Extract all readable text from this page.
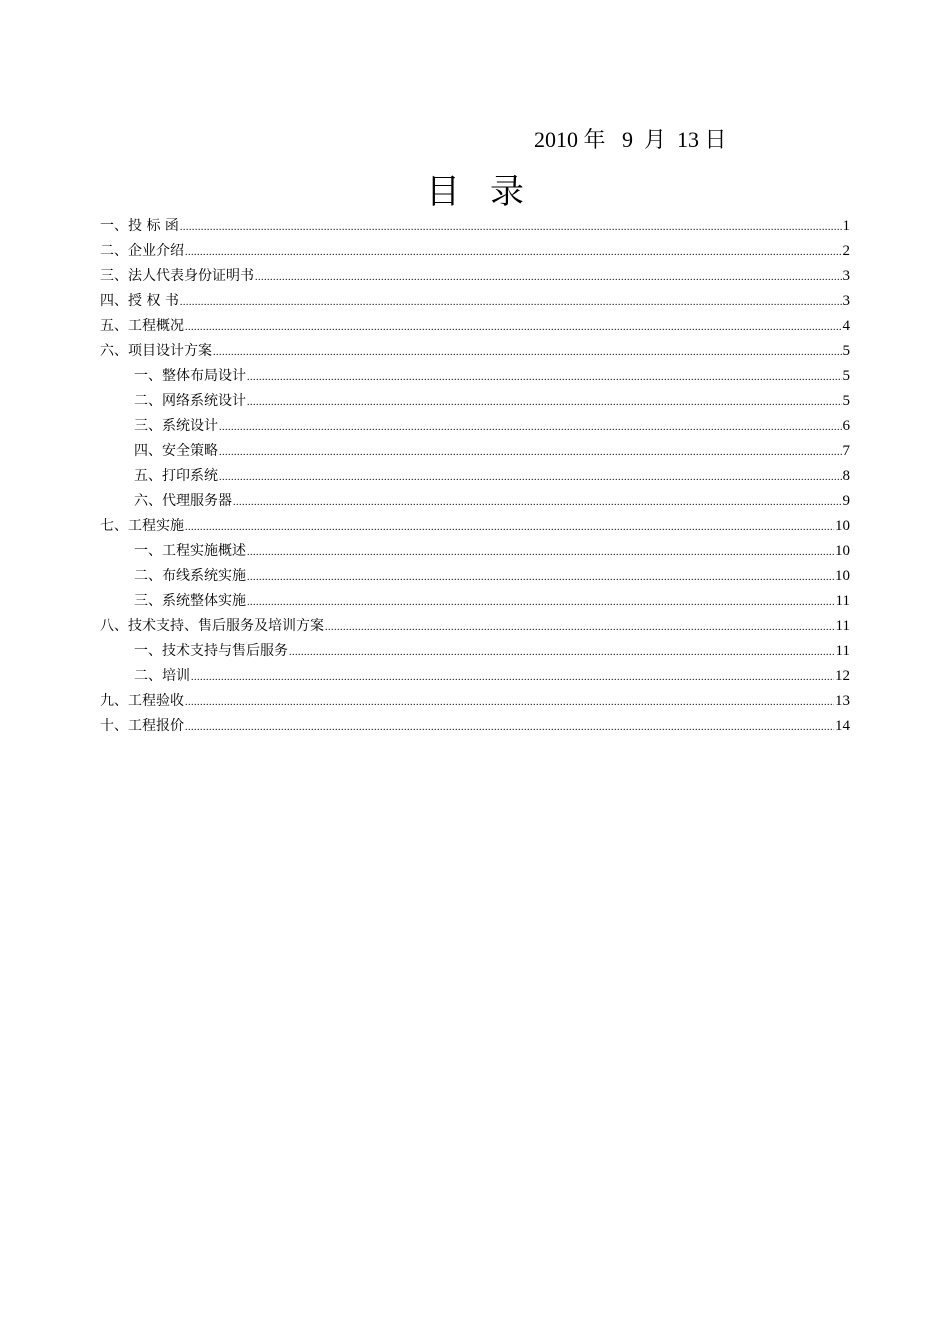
2010 年   9  月  13 日
目录
一、投 标 函 .....	1
二、企业介绍 .....	2
三、法人代表身份证明书 .....	3
四、授 权 书 .....	3
五、工程概况 .....	4
六、项目设计方案 .....	5
一、整体布局设计 .....	5
二、网络系统设计 .....	5
三、系统设计 .....	6
四、安全策略 .....	7
五、打印系统 .....	8
六、代理服务器 .....	9
七、工程实施 .....	10
一、工程实施概述 .....	10
二、布线系统实施 .....	10
三、系统整体实施 .....	11
八、技术支持、售后服务及培训方案 .....	11
一、技术支持与售后服务 .....	11
二、培训 .....	12
九、工程验收 .....	13
十、工程报价 .....	14
